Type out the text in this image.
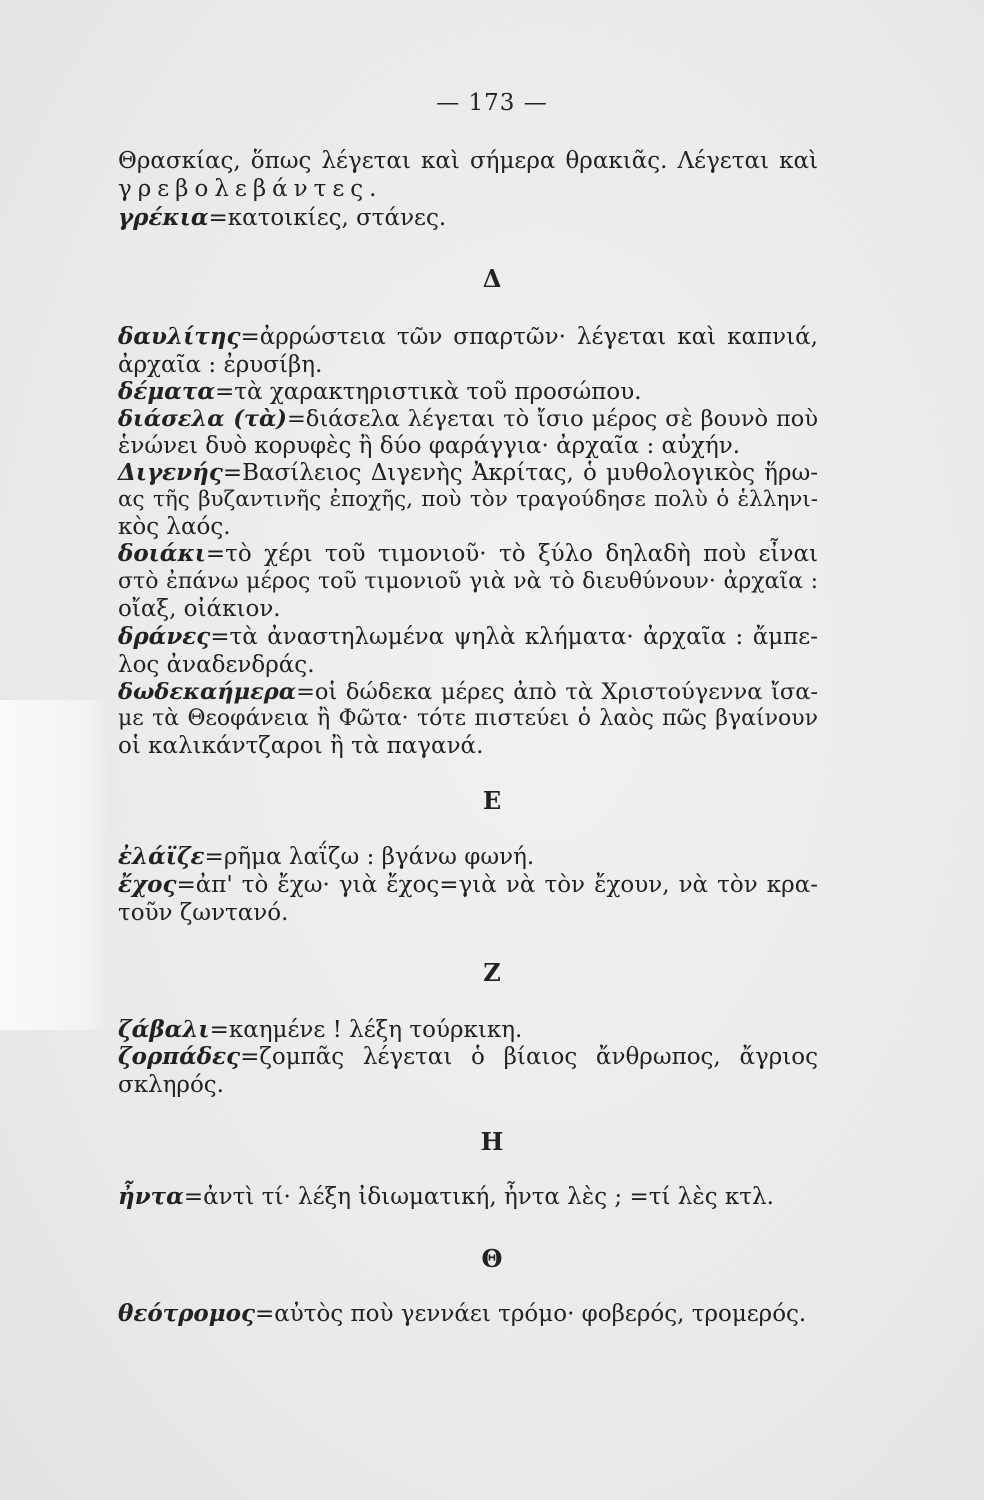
— 173 —
Θρασκίας, ὅπως λέγεται καὶ σήμερα θρακιᾶς. Λέγεται καὶ
γρεβολεβάντες.
γρέκια=κατοικίες, στάνες.
Δ
δαυλίτης=ἀρρώστεια τῶν σπαρτῶν· λέγεται καὶ καπνιά,
ἀρχαῖα : ἐρυσίβη.
δέματα=τὰ χαρακτηριστικὰ τοῦ προσώπου.
διάσελα (τὰ)=διάσελα λέγεται τὸ ἴσιο μέρος σὲ βουνὸ ποὺ
ἑνώνει δυὸ κορυφὲς ἢ δύο φαράγγια· ἀρχαῖα : αὐχήν.
Διγενής=Βασίλειος Διγενὴς Ἀκρίτας, ὁ μυθολογικὸς ἥρω-
ας τῆς βυζαντινῆς ἐποχῆς, ποὺ τὸν τραγούδησε πολὺ ὁ ἑλληνι-
κὸς λαός.
δοιάκι=τὸ χέρι τοῦ τιμονιοῦ· τὸ ξύλο δηλαδὴ ποὺ εἶναι
στὸ ἐπάνω μέρος τοῦ τιμονιοῦ γιὰ νὰ τὸ διευθύνουν· ἀρχαῖα :
οἴαξ, οἰάκιον.
δράνες=τὰ ἀναστηλωμένα ψηλὰ κλήματα· ἀρχαῖα : ἄμπε-
λος ἀναδενδράς.
δωδεκαήμερα=οἱ δώδεκα μέρες ἀπὸ τὰ Χριστούγεννα ἴσα-
με τὰ Θεοφάνεια ἢ Φῶτα· τότε πιστεύει ὁ λαὸς πῶς βγαίνουν
οἱ καλικάντζαροι ἢ τὰ παγανά.
Ε
ἐλάϊζε=ρῆμα λαΐζω : βγάνω φωνή.
ἔχος=ἀπ' τὸ ἔχω· γιὰ ἔχος=γιὰ νὰ τὸν ἔχουν, νὰ τὸν κρα-
τοῦν ζωντανό.
Ζ
ζάβαλι=καημένε ! λέξη τούρκικη.
ζορπάδες=ζομπᾶς λέγεται ὁ βίαιος ἄνθρωπος, ἄγριος
σκληρός.
Η
ἦντα=ἀντὶ τί· λέξη ἰδιωματική, ἦντα λὲς ; =τί λὲς κτλ.
Θ
θεότρομος=αὐτὸς ποὺ γεννάει τρόμο· φοβερός, τρομερός.
